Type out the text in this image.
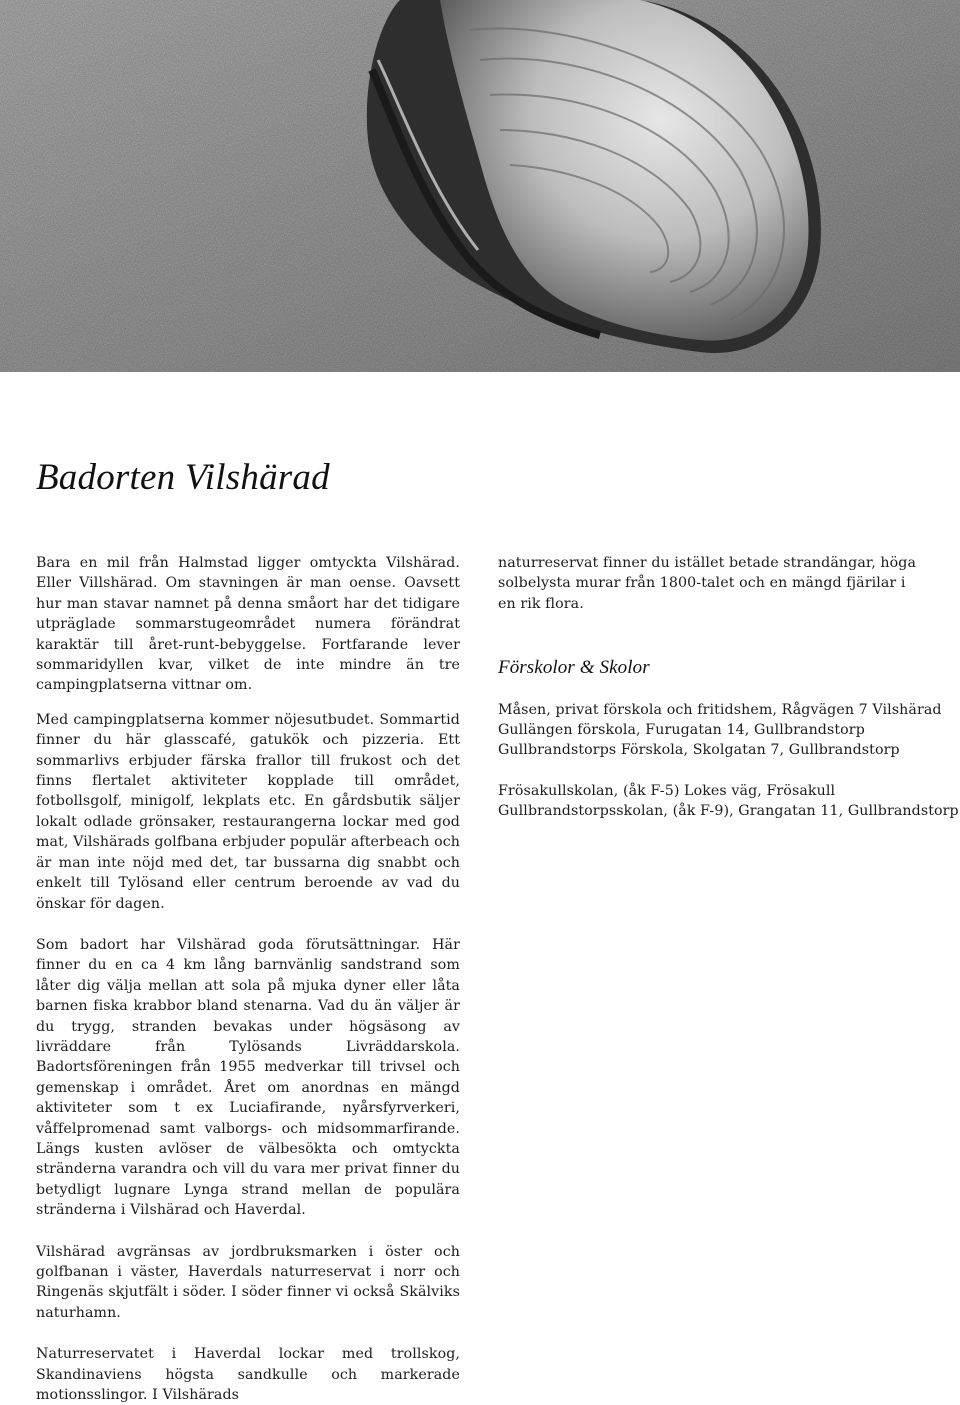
Badorten Vilshärad

Bara en mil från Halmstad ligger omtyckta Vilshärad. Eller Villshärad. Om stavningen är man oense. Oavsett hur man stavar namnet på denna småort har det tidigare utpräglade sommarstugeområdet numera förändrat karaktär till året-runt-bebyggelse. Fortfarande lever sommaridyllen kvar, vilket de inte mindre än tre campingplatserna vittnar om.

Med campingplatserna kommer nöjesutbudet. Sommartid finner du här glasscafé, gatukök och pizzeria. Ett sommarlivs erbjuder färska frallor till frukost och det finns flertalet aktiviteter kopplade till området, fotbollsgolf, minigolf, lekplats etc. En gårdsbutik säljer lokalt odlade grönsaker, restaurangerna lockar med god mat, Vilshärads golfbana erbjuder populär afterbeach och är man inte nöjd med det, tar bussarna dig snabbt och enkelt till Tylösand eller centrum beroende av vad du önskar för dagen.

Som badort har Vilshärad goda förutsättningar. Här finner du en ca 4 km lång barnvänlig sandstrand som låter dig välja mellan att sola på mjuka dyner eller låta barnen fiska krabbor bland stenarna. Vad du än väljer är du trygg, stranden bevakas under högsäsong av livräddare från Tylösands Livräddarskola. Badortsföreningen från 1955 medverkar till trivsel och gemenskap i området. Året om anordnas en mängd aktiviteter som t ex Luciafirande, nyårsfyrverkeri, våffelpromenad samt valborgs- och midsommarfirande. Längs kusten avlöser de välbesökta och omtyckta stränderna varandra och vill du vara mer privat finner du betydligt lugnare Lynga strand mellan de populära stränderna i Vilshärad och Haverdal.

Vilshärad avgränsas av jordbruksmarken i öster och golfbanan i väster, Haverdals naturreservat i norr och Ringenäs skjutfält i söder. I söder finner vi också Skälviks naturhamn.

Naturreservatet i Haverdal lockar med trollskog, Skandinaviens högsta sandkulle och markerade motionsslingor. I Vilshärads

naturreservat finner du istället betade strandängar, höga solbelysta murar från 1800-talet och en mängd fjärilar i en rik flora.

Förskolor & Skolor
Måsen, privat förskola och fritidshem, Rågvägen 7 Vilshärad
Gullängen förskola, Furugatan 14, Gullbrandstorp
Gullbrandstorps Förskola, Skolgatan 7, Gullbrandstorp
Frösakullskolan, (åk F-5) Lokes väg, Frösakull
Gullbrandstorpsskolan, (åk F-9), Grangatan 11, Gullbrandstorp
